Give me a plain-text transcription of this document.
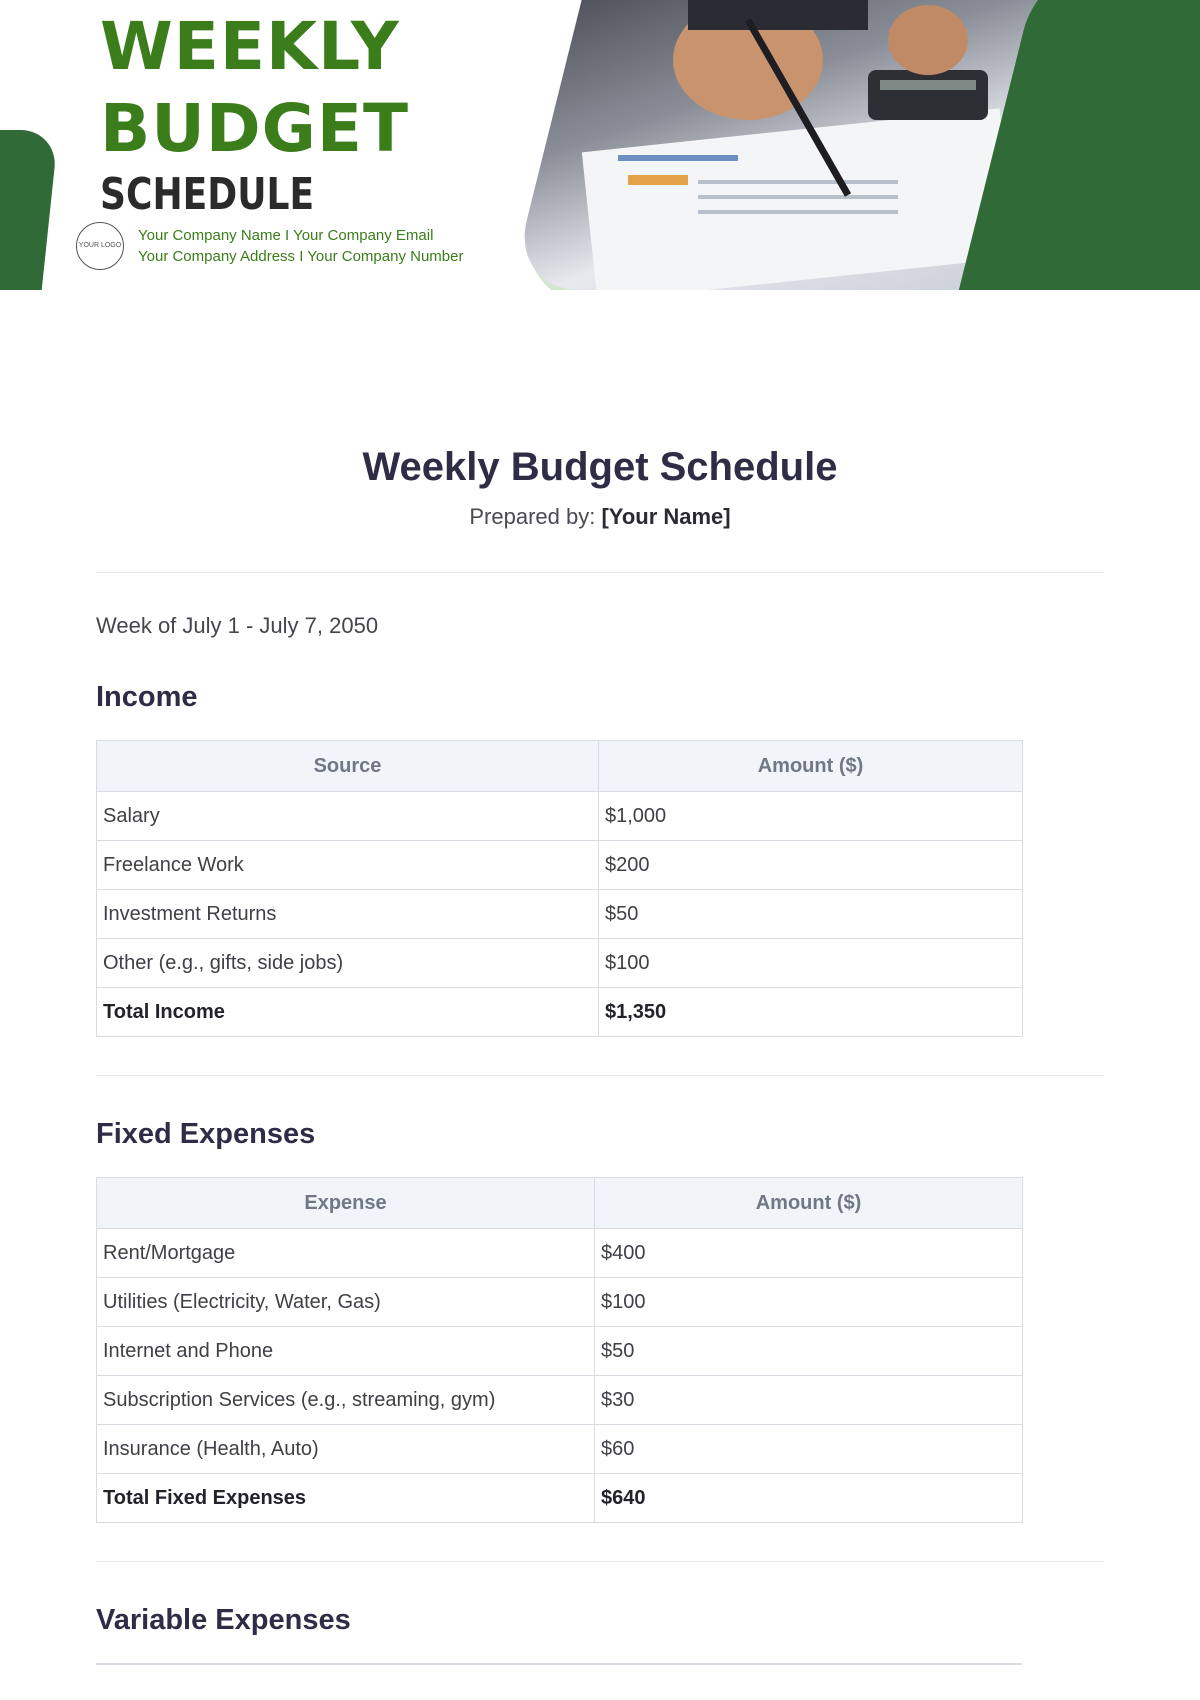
WEEKLY

BUDGET

SCHEDULE

YOUR LOGO
Your Company Name I Your Company Email
Your Company Address I Your Company Number
Weekly Budget Schedule
Prepared by: [Your Name]

Week of July 1 - July 7, 2050

Income
Source	Amount ($)
Salary	$1,000
Freelance Work	$200
Investment Returns	$50
Other (e.g., gifts, side jobs)	$100
Total Income	$1,350
Fixed Expenses
Expense	Amount ($)
Rent/Mortgage	$400
Utilities (Electricity, Water, Gas)	$100
Internet and Phone	$50
Subscription Services (e.g., streaming, gym)	$30
Insurance (Health, Auto)	$60
Total Fixed Expenses	$640
Variable Expenses
